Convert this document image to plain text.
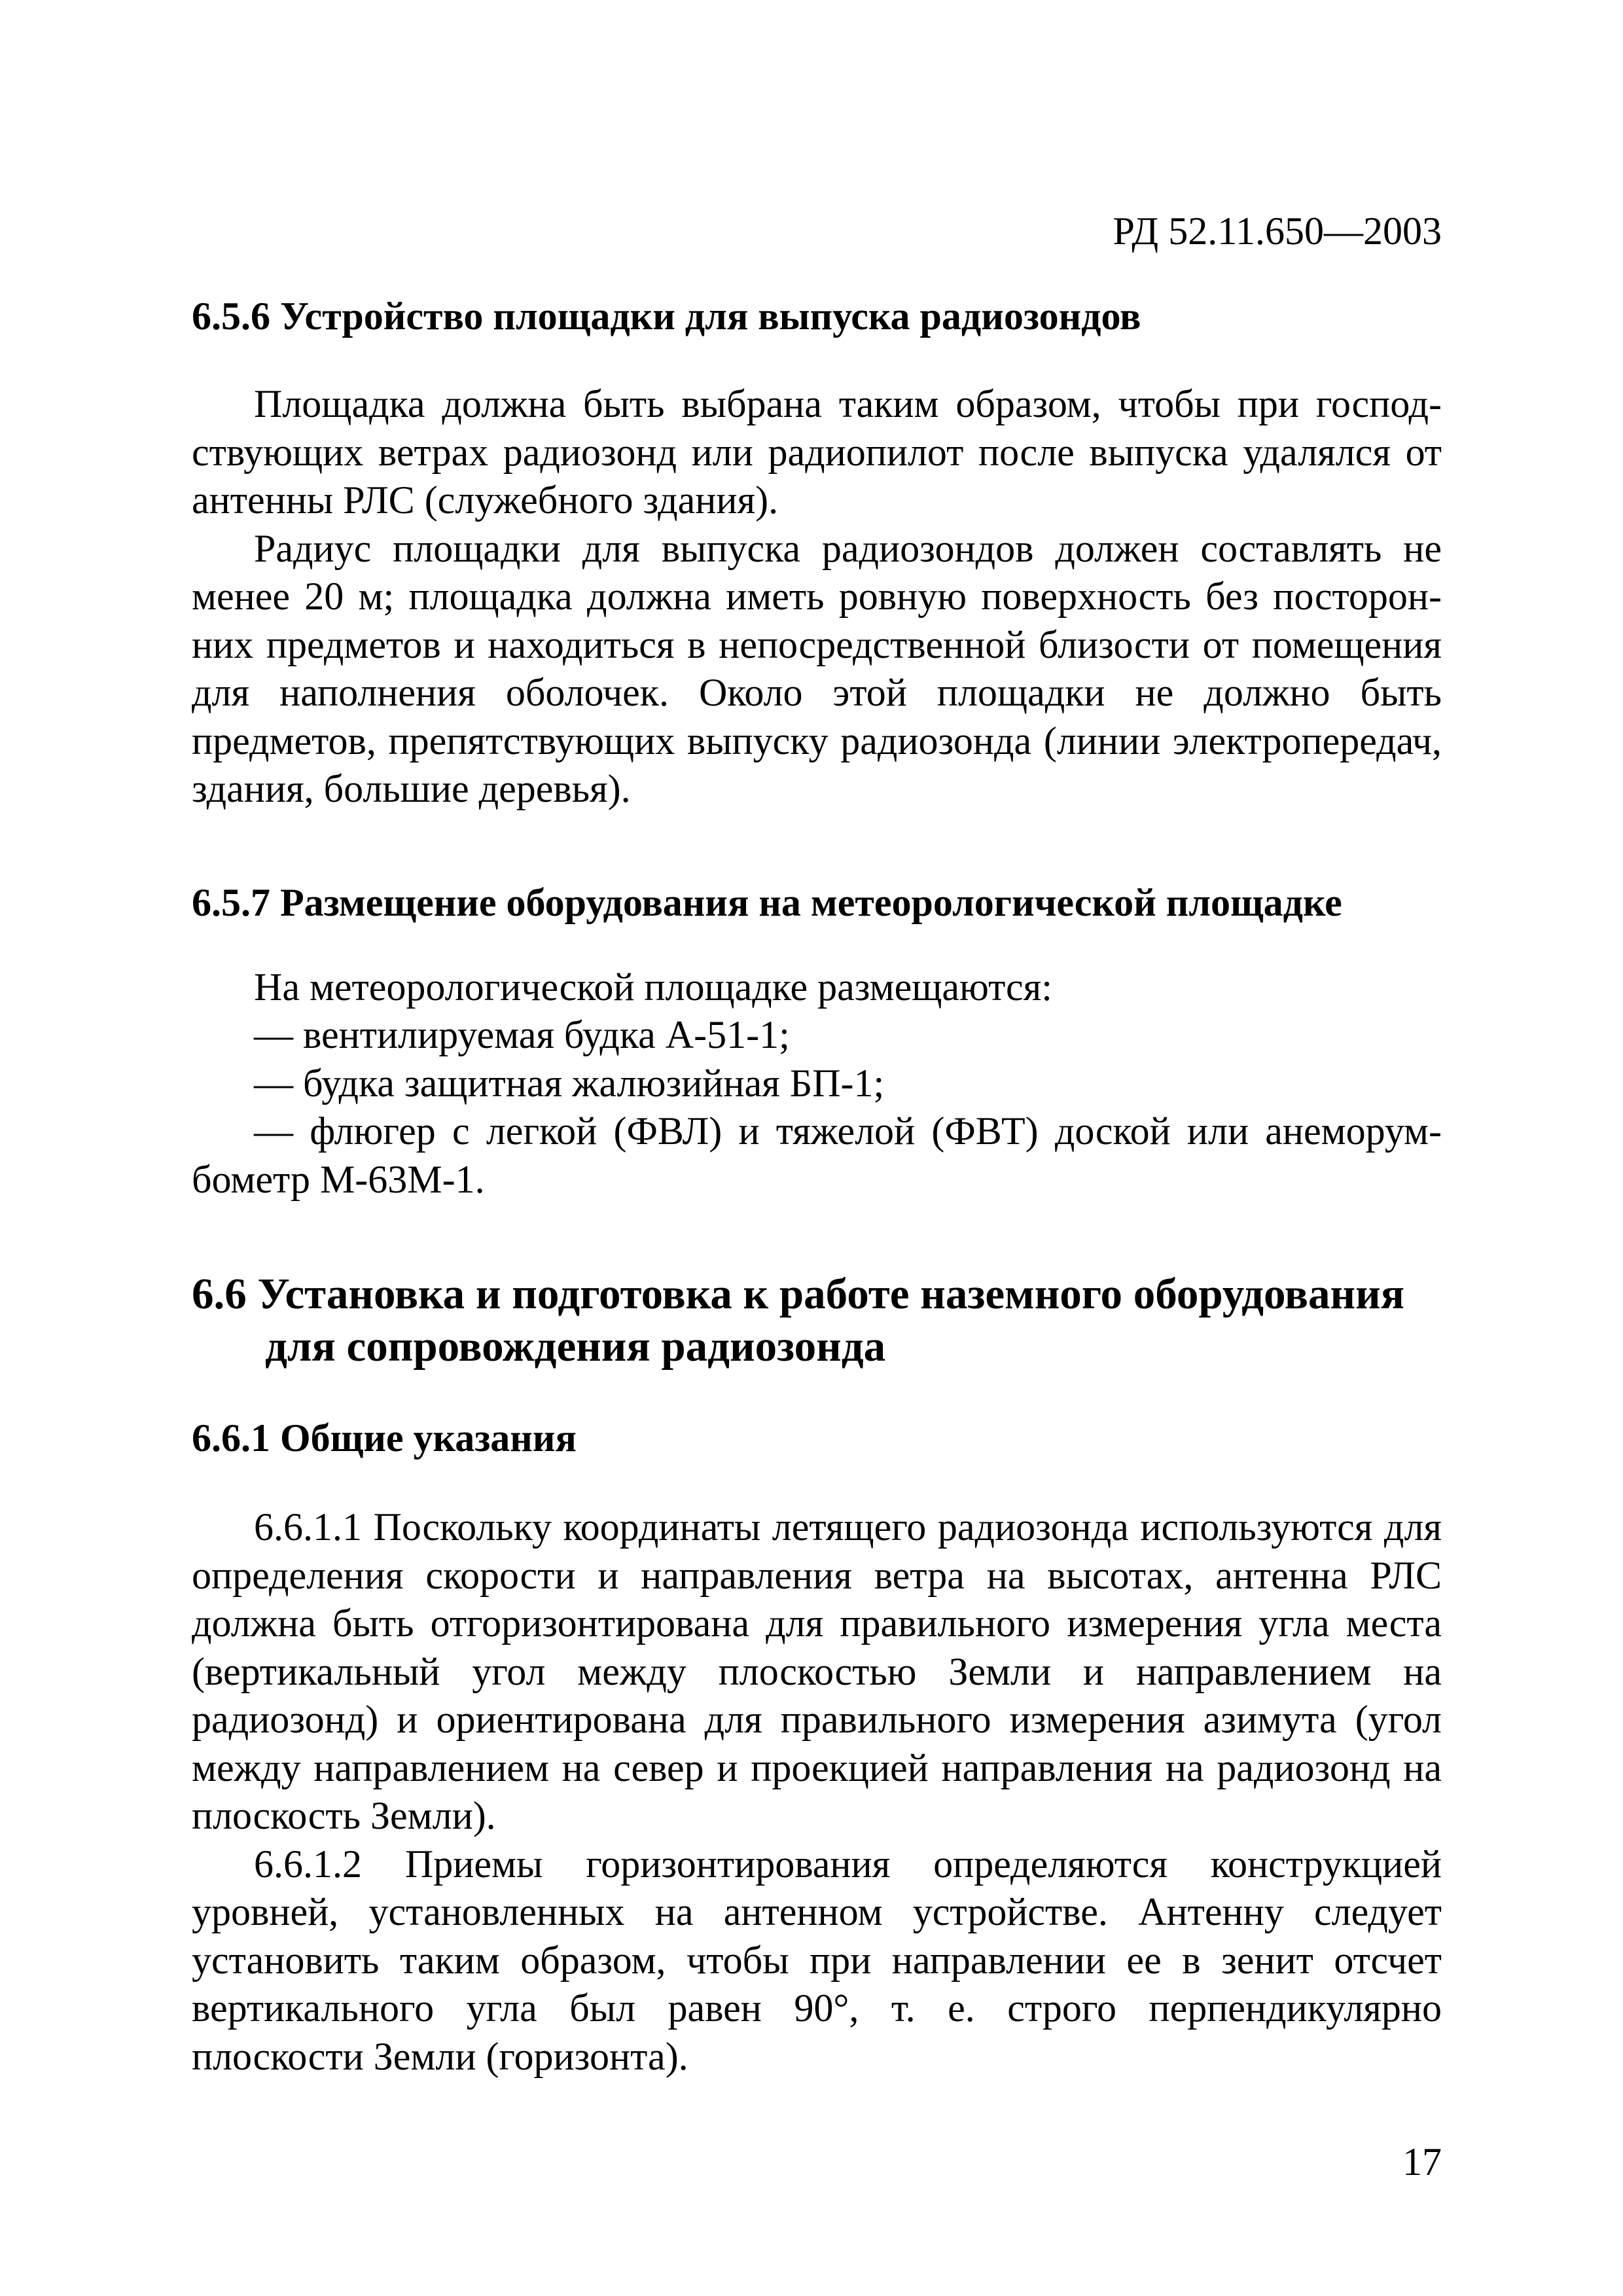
РД 52.11.650—2003
6.5.6 Устройство площадки для выпуска радиозондов

Площадка должна быть выбрана таким образом, чтобы при господствующих ветрах радиозонд или радиопилот после выпуска удалялся от антенны РЛС (служебного здания).

Радиус площадки для выпуска радиозондов должен составлять не менее 20 м; площадка должна иметь ровную поверхность без посторонних предметов и находиться в непосредственной близости от помещения для наполнения оболочек. Около этой площадки не должно быть предметов, препятствующих выпуску радиозонда (линии электропередач, здания, большие деревья).

6.5.7 Размещение оборудования на метеорологической площадке

На метеорологической площадке размещаются:

— вентилируемая будка А-51-1;

— будка защитная жалюзийная БП-1;

— флюгер с легкой (ФВЛ) и тяжелой (ФВТ) доской или анеморумбометр М-63М-1.

6.6 Установка и подготовка к работе наземного оборудования для сопровождения радиозонда
6.6.1 Общие указания

6.6.1.1 Поскольку координаты летящего радиозонда используются для определения скорости и направления ветра на высотах, антенна РЛС должна быть отгоризонтирована для правильного измерения угла места (вертикальный угол между плоскостью Земли и направлением на радиозонд) и ориентирована для правильного измерения азимута (угол между направлением на север и проекцией направления на радиозонд на плоскость Земли).

6.6.1.2 Приемы горизонтирования определяются конструкцией уровней, установленных на антенном устройстве. Антенну следует установить таким образом, чтобы при направлении ее в зенит отсчет вертикального угла был равен 90°, т. е. строго перпендикулярно плоскости Земли (горизонта).

17
